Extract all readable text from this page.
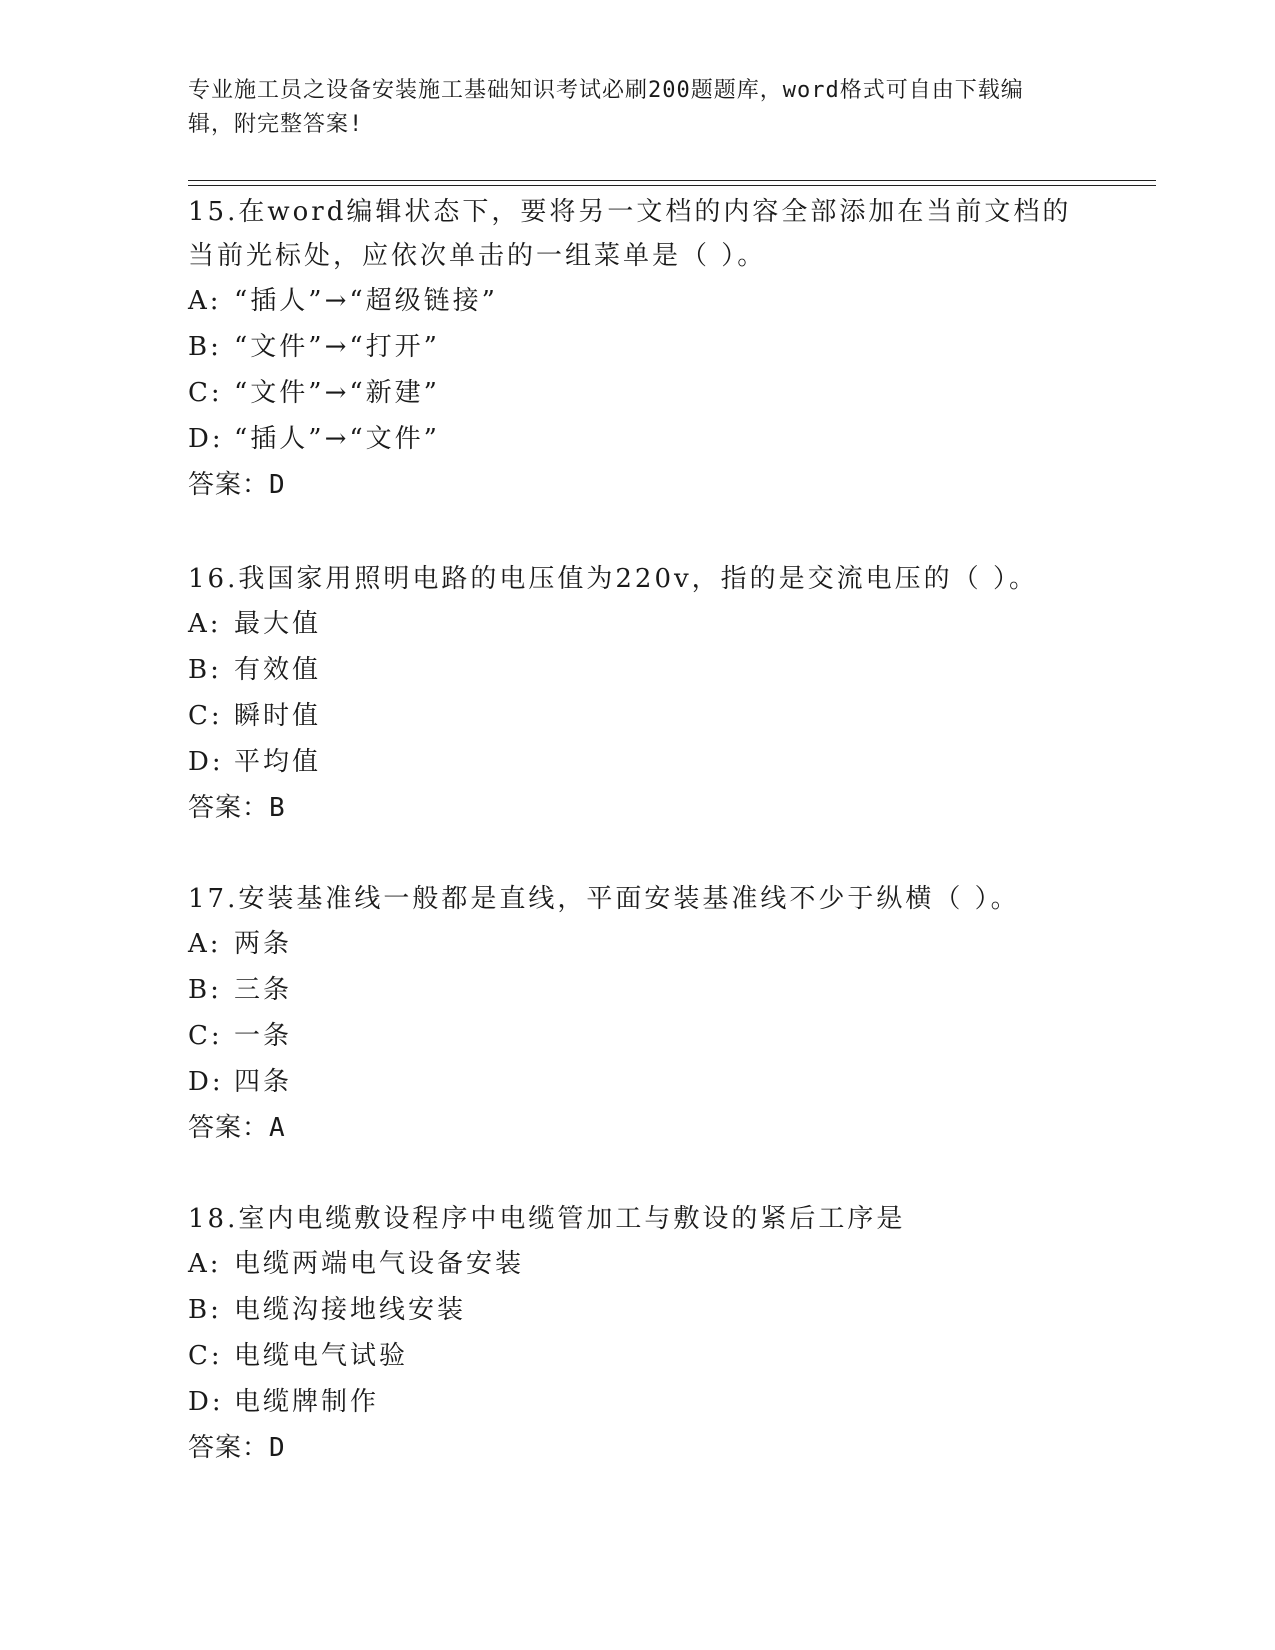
专业施工员之设备安装施工基础知识考试必刷200题题库，word格式可自由下载编辑，附完整答案!
15.在word编辑状态下，要将另一文档的内容全部添加在当前文档的当前光标处，应依次单击的一组菜单是（ ）。
A: “插人”→“超级链接”
B: “文件”→“打开”
C: “文件”→“新建”
D: “插人”→“文件”
答案：D
16.我国家用照明电路的电压值为220v，指的是交流电压的（ ）。
A: 最大值
B: 有效值
C: 瞬时值
D: 平均值
答案：B
17.安装基准线一般都是直线，平面安装基准线不少于纵横（ ）。
A: 两条
B: 三条
C: 一条
D: 四条
答案：A
18.室内电缆敷设程序中电缆管加工与敷设的紧后工序是
A: 电缆两端电气设备安装
B: 电缆沟接地线安装
C: 电缆电气试验
D: 电缆牌制作
答案：D
